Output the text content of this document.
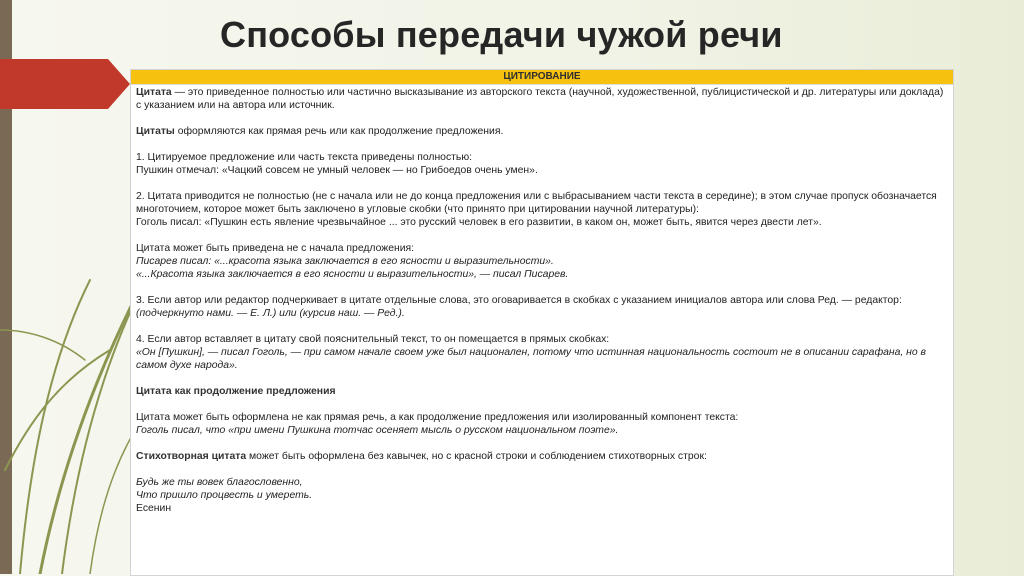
Способы передачи чужой речи
ЦИТИРОВАНИЕ

Цитата — это приведенное полностью или частично высказывание из авторского текста (научной, художественной, публицистической и др. литературы или доклада) с указанием или на автора или источник.

Цитаты оформляются как прямая речь или как продолжение предложения.

1. Цитируемое предложение или часть текста приведены полностью:

Пушкин отмечал: «Чацкий совсем не умный человек — но Грибоедов очень умен».

2. Цитата приводится не полностью (не с начала или не до конца предложения или с выбрасыванием части текста в середине); в этом случае пропуск обозначается многоточием, которое может быть заключено в угловые скобки (что принято при цитировании научной литературы):

Гоголь писал: «Пушкин есть явление чрезвычайное ... это русский человек в его развитии, в каком он, может быть, явится через двести лет».

Цитата может быть приведена не с начала предложения:

Писарев писал: «...красота языка заключается в его ясности и выразительности».

«...Красота языка заключается в его ясности и выразительности», — писал Писарев.

3. Если автор или редактор подчеркивает в цитате отдельные слова, это оговаривается в скобках с указанием инициалов автора или слова Ред. — редактор:

(подчеркнуто нами. — Е. Л.) или (курсив наш. — Ред.).

4. Если автор вставляет в цитату свой пояснительный текст, то он помещается в прямых скобках:

«Он [Пушкин], — писал Гоголь, — при самом начале своем уже был националeн, потому что истинная национальность состоит не в описании сарафана, но в самом духе народа».

Цитата как продолжение предложения

Цитата может быть оформлена не как прямая речь, а как продолжение предложения или изолированный компонент текста:

Гоголь писал, что «при имени Пушкина тотчас осеняет мысль о русском национальном поэте».

Стихотворная цитата может быть оформлена без кавычек, но с красной строки и соблюдением стихотворных строк:

Будь же ты вовек благословенно,

Что пришло процвесть и умереть.

Есенин
